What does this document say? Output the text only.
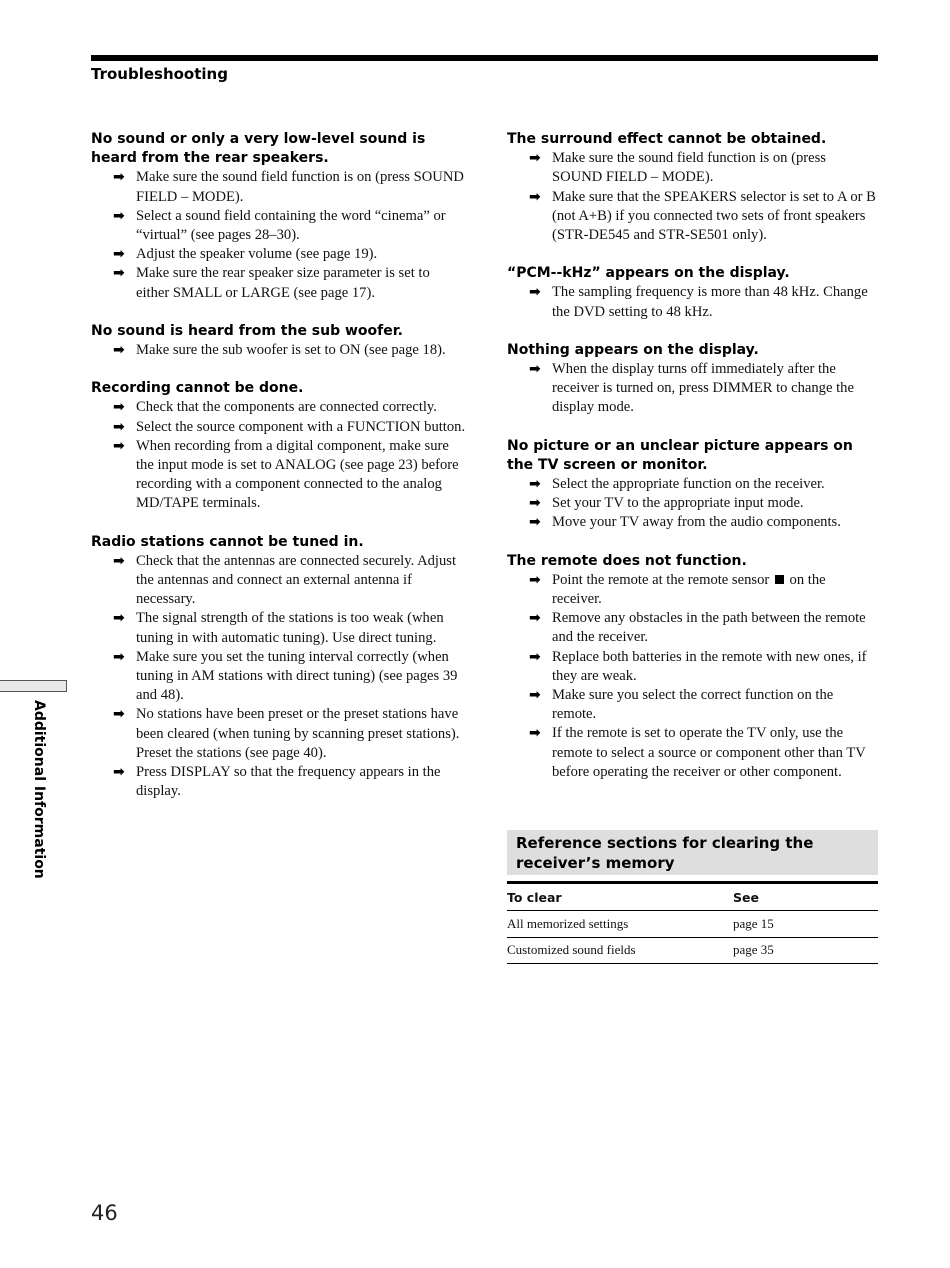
Troubleshooting

No sound or only a very low-level sound is heard from the rear speakers.

➡ Make sure the sound field function is on (press SOUND FIELD – MODE).
➡ Select a sound field containing the word “cinema” or “virtual” (see pages 28–30).
➡ Adjust the speaker volume (see page 19).
➡ Make sure the rear speaker size parameter is set to either SMALL or LARGE (see page 17).

No sound is heard from the sub woofer.

➡ Make sure the sub woofer is set to ON (see page 18).

Recording cannot be done.

➡ Check that the components are connected correctly.
➡ Select the source component with a FUNCTION button.
➡ When recording from a digital component, make sure the input mode is set to ANALOG (see page 23) before recording with a component connected to the analog MD/TAPE terminals.

Radio stations cannot be tuned in.

➡ Check that the antennas are connected securely. Adjust the antennas and connect an external antenna if necessary.
➡ The signal strength of the stations is too weak (when tuning in with automatic tuning). Use direct tuning.
➡ Make sure you set the tuning interval correctly (when tuning in AM stations with direct tuning) (see pages 39 and 48).
➡ No stations have been preset or the preset stations have been cleared (when tuning by scanning preset stations). Preset the stations (see page 40).
➡ Press DISPLAY so that the frequency appears in the display.

The surround effect cannot be obtained.

➡ Make sure the sound field function is on (press SOUND FIELD – MODE).
➡ Make sure that the SPEAKERS selector is set to A or B (not A+B) if you connected two sets of front speakers (STR-DE545 and STR-SE501 only).

“PCM--kHz” appears on the display.

➡ The sampling frequency is more than 48 kHz. Change the DVD setting to 48 kHz.

Nothing appears on the display.

➡ When the display turns off immediately after the receiver is turned on, press DIMMER to change the display mode.

No picture or an unclear picture appears on the TV screen or monitor.

➡ Select the appropriate function on the receiver.
➡ Set your TV to the appropriate input mode.
➡ Move your TV away from the audio components.

The remote does not function.

➡ Point the remote at the remote sensor on the receiver.
➡ Remove any obstacles in the path between the remote and the receiver.
➡ Replace both batteries in the remote with new ones, if they are weak.
➡ Make sure you select the correct function on the remote.
➡ If the remote is set to operate the TV only, use the remote to select a source or component other than TV before operating the receiver or other component.
Reference sections for clearing the receiver’s memory
To clear	See
All memorized settings	page 15
Customized sound fields	page 35
Additional Information
46
